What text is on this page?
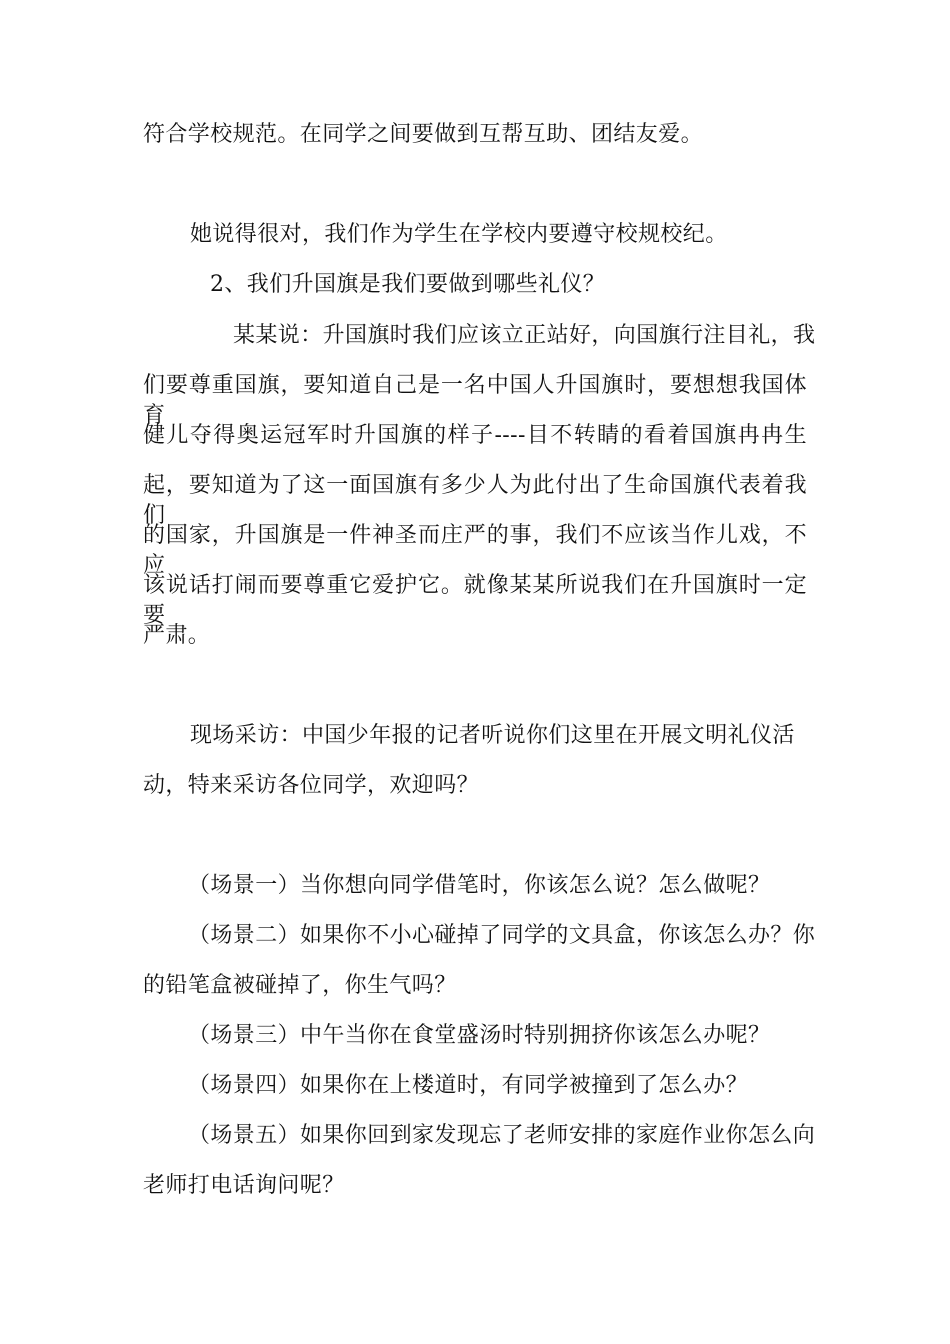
符合学校规范。在同学之间要做到互帮互助、团结友爱。

她说得很对，我们作为学生在学校内要遵守校规校纪。

2、我们升国旗是我们要做到哪些礼仪？

某某说：升国旗时我们应该立正站好，向国旗行注目礼，我

们要尊重国旗，要知道自己是一名中国人升国旗时，要想想我国体育

健儿夺得奥运冠军时升国旗的样子----目不转睛的看着国旗冉冉生

起，要知道为了这一面国旗有多少人为此付出了生命国旗代表着我们

的国家，升国旗是一件神圣而庄严的事，我们不应该当作儿戏，不应

该说话打闹而要尊重它爱护它。就像某某所说我们在升国旗时一定要

严肃。

现场采访：中国少年报的记者听说你们这里在开展文明礼仪活

动，特来采访各位同学，欢迎吗？

（场景一）当你想向同学借笔时，你该怎么说？怎么做呢？

（场景二）如果你不小心碰掉了同学的文具盒，你该怎么办？你

的铅笔盒被碰掉了，你生气吗？

（场景三）中午当你在食堂盛汤时特别拥挤你该怎么办呢？

（场景四）如果你在上楼道时，有同学被撞到了怎么办？

（场景五）如果你回到家发现忘了老师安排的家庭作业你怎么向

老师打电话询问呢？
